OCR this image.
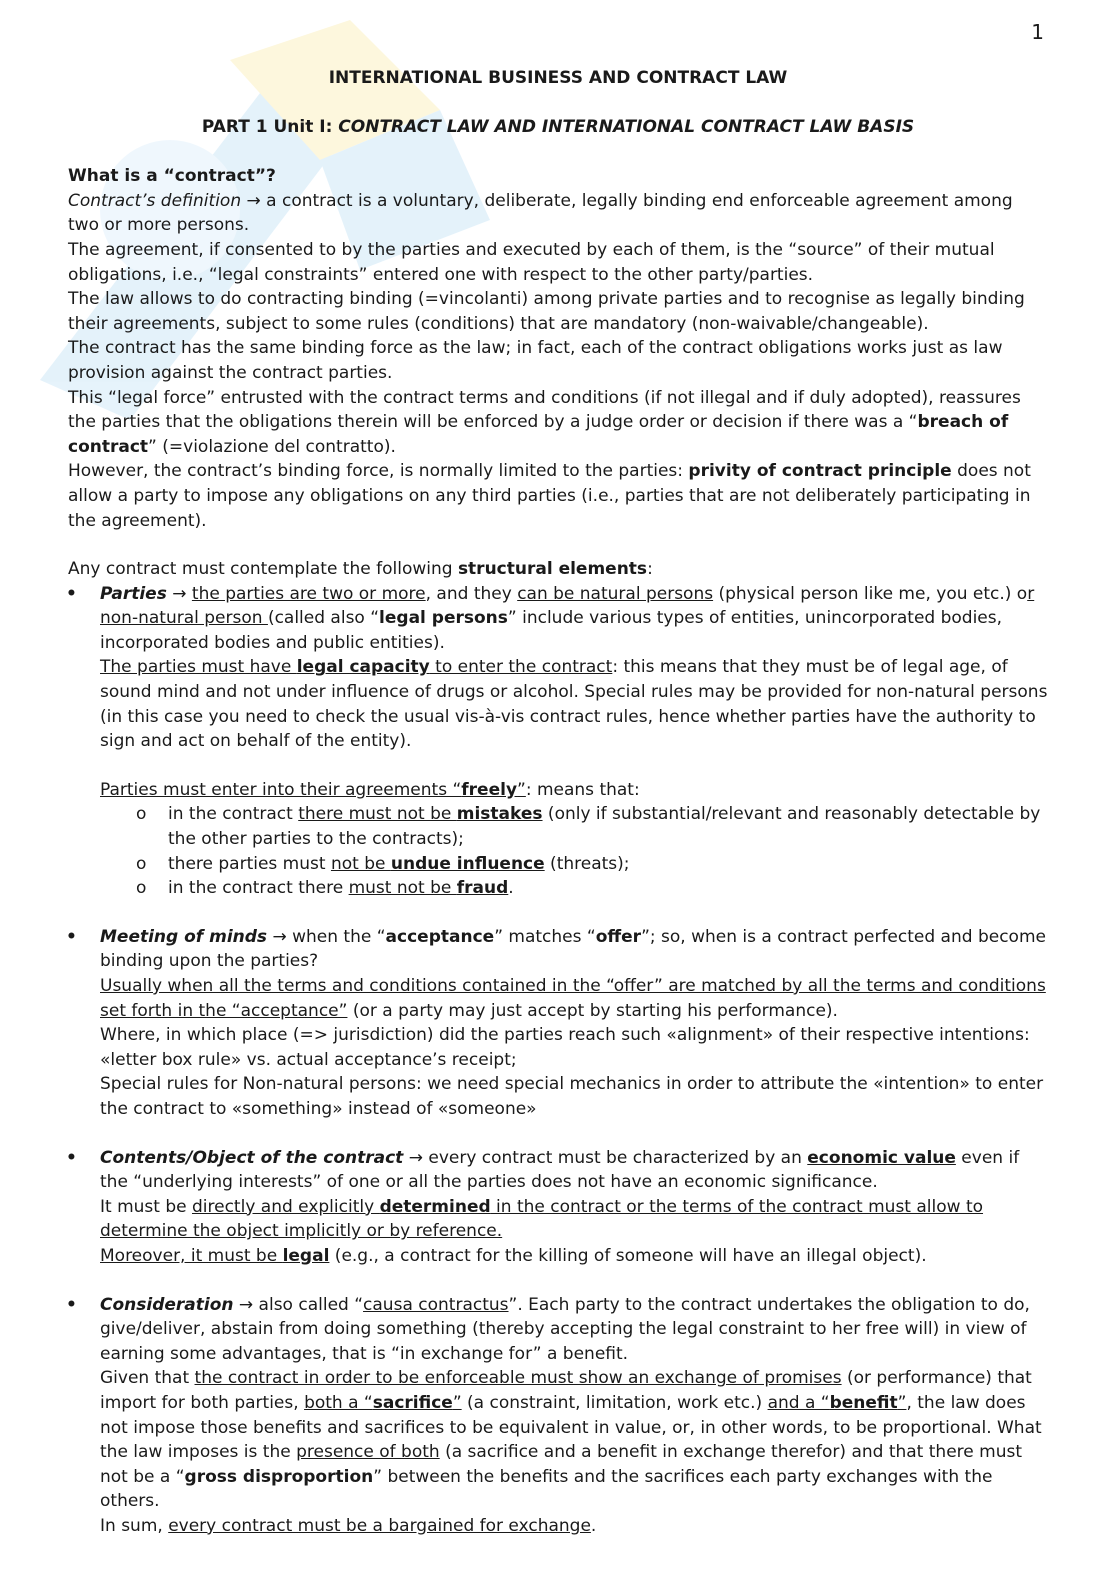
1

INTERNATIONAL BUSINESS AND CONTRACT LAW

PART 1 Unit I: CONTRACT LAW AND INTERNATIONAL CONTRACT LAW BASIS

What is a “contract”?

Contract’s definition → a contract is a voluntary, deliberate, legally binding end enforceable agreement among two or more persons.

The agreement, if consented to by the parties and executed by each of them, is the “source” of their mutual obligations, i.e., “legal constraints” entered one with respect to the other party/parties.

The law allows to do contracting binding (=vincolanti) among private parties and to recognise as legally binding their agreements, subject to some rules (conditions) that are mandatory (non-waivable/changeable).

The contract has the same binding force as the law; in fact, each of the contract obligations works just as law provision against the contract parties.

This “legal force” entrusted with the contract terms and conditions (if not illegal and if duly adopted), reassures the parties that the obligations therein will be enforced by a judge order or decision if there was a “breach of contract” (=violazione del contratto).

However, the contract’s binding force, is normally limited to the parties: privity of contract principle does not allow a party to impose any obligations on any third parties (i.e., parties that are not deliberately participating in the agreement).

Any contract must contemplate the following structural elements:

• Parties → the parties are two or more, and they can be natural persons (physical person like me, you etc.) or non-natural person (called also “legal persons” include various types of entities, unincorporated bodies, incorporated bodies and public entities).

The parties must have legal capacity to enter the contract: this means that they must be of legal age, of sound mind and not under influence of drugs or alcohol. Special rules may be provided for non-natural persons (in this case you need to check the usual vis-à-vis contract rules, hence whether parties have the authority to sign and act on behalf of the entity).

Parties must enter into their agreements “freely”: means that:

o in the contract there must not be mistakes (only if substantial/relevant and reasonably detectable by the other parties to the contracts);
o there parties must not be undue influence (threats);
o in the contract there must not be fraud.

• Meeting of minds → when the “acceptance” matches “offer”; so, when is a contract perfected and become binding upon the parties?

Usually when all the terms and conditions contained in the “offer” are matched by all the terms and conditions set forth in the “acceptance” (or a party may just accept by starting his performance).

Where, in which place (=> jurisdiction) did the parties reach such «alignment» of their respective intentions: «letter box rule» vs. actual acceptance’s receipt;

Special rules for Non-natural persons: we need special mechanics in order to attribute the «intention» to enter the contract to «something» instead of «someone»

• Contents/Object of the contract → every contract must be characterized by an economic value even if the “underlying interests” of one or all the parties does not have an economic significance.

It must be directly and explicitly determined in the contract or the terms of the contract must allow to determine the object implicitly or by reference.

Moreover, it must be legal (e.g., a contract for the killing of someone will have an illegal object).

• Consideration → also called “causa contractus”. Each party to the contract undertakes the obligation to do, give/deliver, abstain from doing something (thereby accepting the legal constraint to her free will) in view of earning some advantages, that is “in exchange for” a benefit.

Given that the contract in order to be enforceable must show an exchange of promises (or performance) that import for both parties, both a “sacrifice” (a constraint, limitation, work etc.) and a “benefit”, the law does not impose those benefits and sacrifices to be equivalent in value, or, in other words, to be proportional. What the law imposes is the presence of both (a sacrifice and a benefit in exchange therefor) and that there must not be a “gross disproportion” between the benefits and the sacrifices each party exchanges with the others.

In sum, every contract must be a bargained for exchange.
